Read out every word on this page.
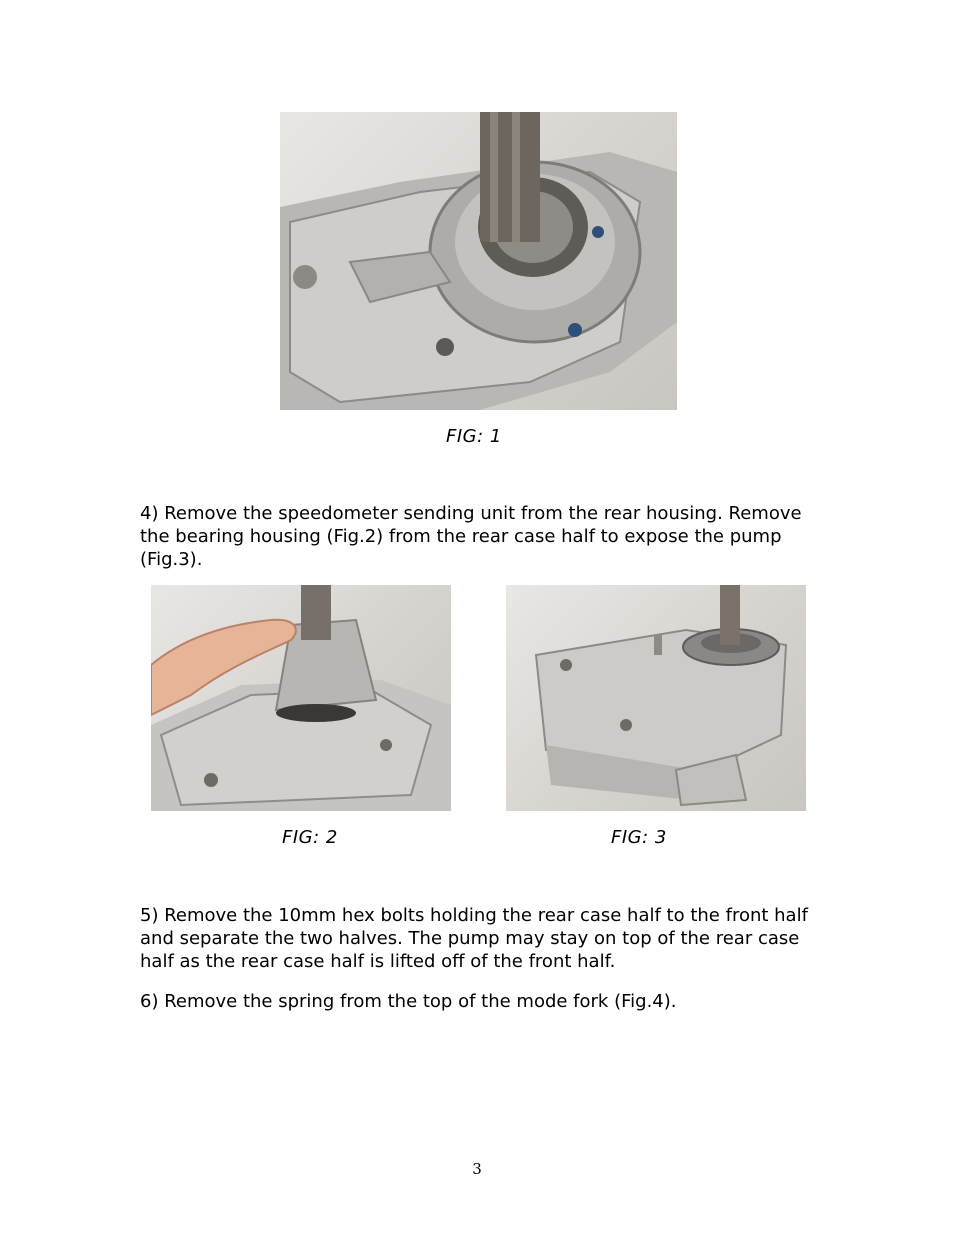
FIG: 1

4) Remove the speedometer sending unit from the rear housing. Remove the bearing housing (Fig.2) from the rear case half to expose the pump (Fig.3).

FIG: 2	FIG: 3

5) Remove the 10mm hex bolts holding the rear case half to the front half and separate the two halves. The pump may stay on top of the rear case half as the rear case half is lifted off of the front half.

6) Remove the spring from the top of the mode fork (Fig.4).

3
